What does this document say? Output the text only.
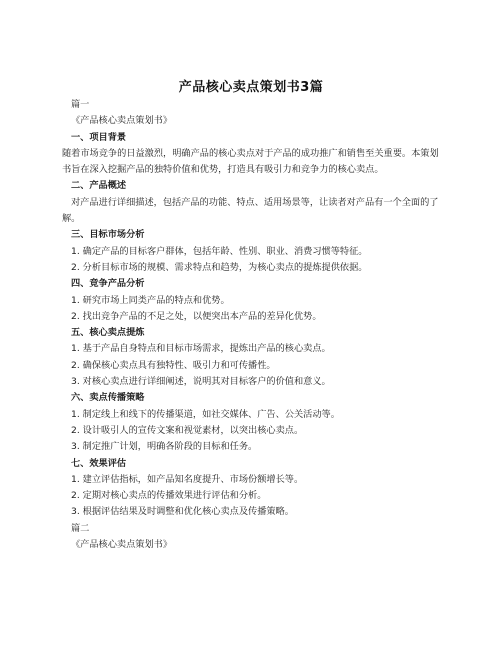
产品核心卖点策划书3篇
篇一
《产品核心卖点策划书》
一、项目背景
随着市场竞争的日益激烈，明确产品的核心卖点对于产品的成功推广和销售至关重要。本策划书旨在深入挖掘产品的独特价值和优势，打造具有吸引力和竞争力的核心卖点。
二、产品概述
对产品进行详细描述，包括产品的功能、特点、适用场景等，让读者对产品有一个全面的了解。
三、目标市场分析
1. 确定产品的目标客户群体，包括年龄、性别、职业、消费习惯等特征。
2. 分析目标市场的规模、需求特点和趋势，为核心卖点的提炼提供依据。
四、竞争产品分析
1. 研究市场上同类产品的特点和优势。
2. 找出竞争产品的不足之处，以便突出本产品的差异化优势。
五、核心卖点提炼
1. 基于产品自身特点和目标市场需求，提炼出产品的核心卖点。
2. 确保核心卖点具有独特性、吸引力和可传播性。
3. 对核心卖点进行详细阐述，说明其对目标客户的价值和意义。
六、卖点传播策略
1. 制定线上和线下的传播渠道，如社交媒体、广告、公关活动等。
2. 设计吸引人的宣传文案和视觉素材，以突出核心卖点。
3. 制定推广计划，明确各阶段的目标和任务。
七、效果评估
1. 建立评估指标，如产品知名度提升、市场份额增长等。
2. 定期对核心卖点的传播效果进行评估和分析。
3. 根据评估结果及时调整和优化核心卖点及传播策略。
篇二
《产品核心卖点策划书》
